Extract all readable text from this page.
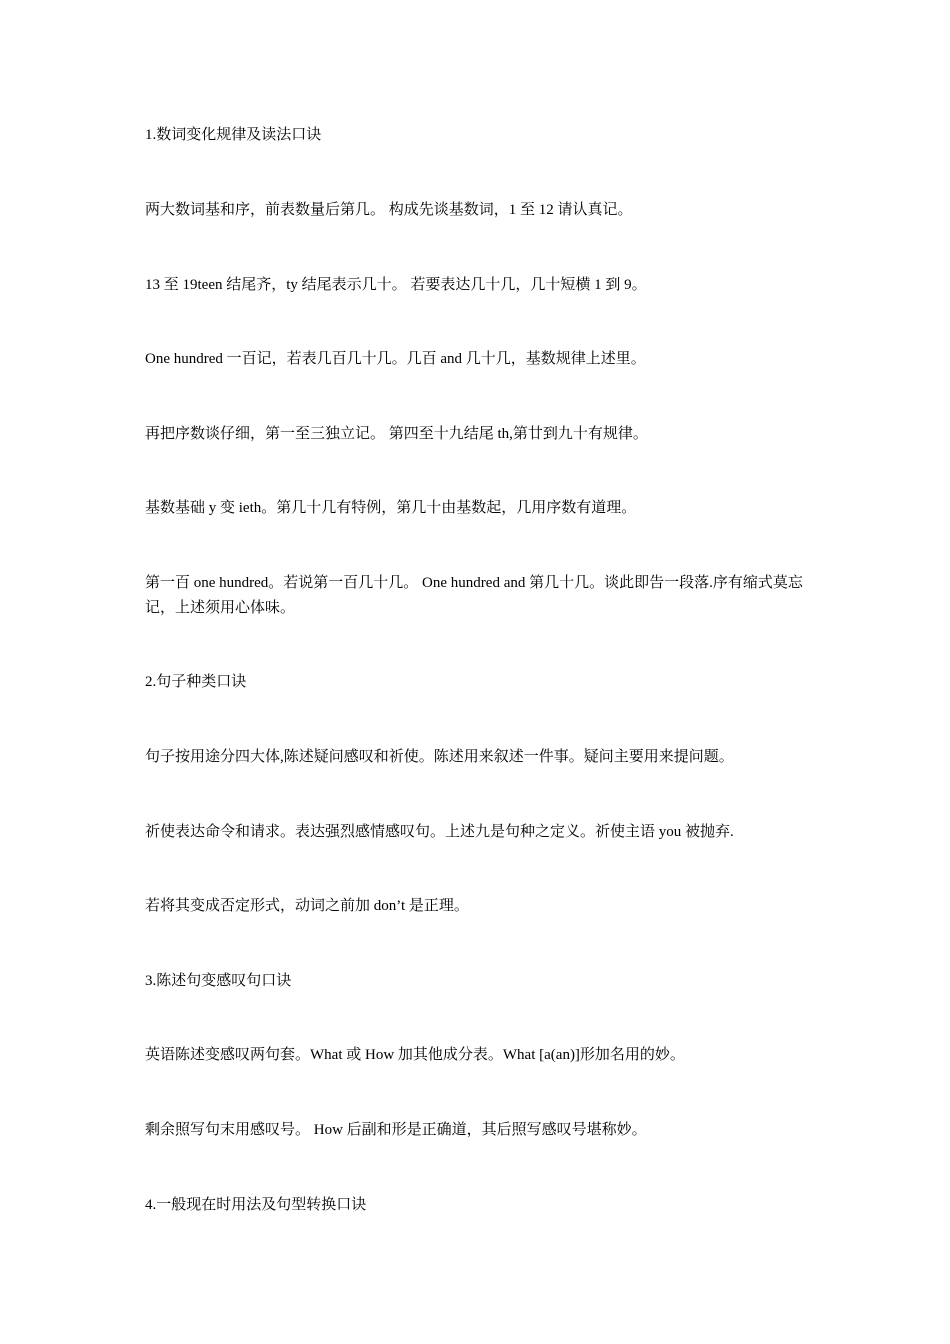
1.数词变化规律及读法口诀
两大数词基和序，前表数量后第几。 构成先谈基数词，1 至 12 请认真记。
13 至 19teen 结尾齐，ty 结尾表示几十。 若要表达几十几，几十短横 1 到 9。
One hundred 一百记，若表几百几十几。几百 and 几十几，基数规律上述里。
再把序数谈仔细，第一至三独立记。 第四至十九结尾 th,第廿到九十有规律。
基数基础 y 变 ieth。第几十几有特例，第几十由基数起，几用序数有道理。
第一百 one hundred。若说第一百几十几。 One hundred and 第几十几。谈此即告一段落.序有缩式莫忘记，上述须用心体味。
2.句子种类口诀
句子按用途分四大体,陈述疑问感叹和祈使。陈述用来叙述一件事。疑问主要用来提问题。
祈使表达命令和请求。表达强烈感情感叹句。上述九是句种之定义。祈使主语 you 被抛弃.
若将其变成否定形式，动词之前加 don’t 是正理。
3.陈述句变感叹句口诀
英语陈述变感叹两句套。What 或 How 加其他成分表。What [a(an)]形加名用的妙。
剩余照写句末用感叹号。 How 后副和形是正确道，其后照写感叹号堪称妙。
4.一般现在时用法及句型转换口诀
